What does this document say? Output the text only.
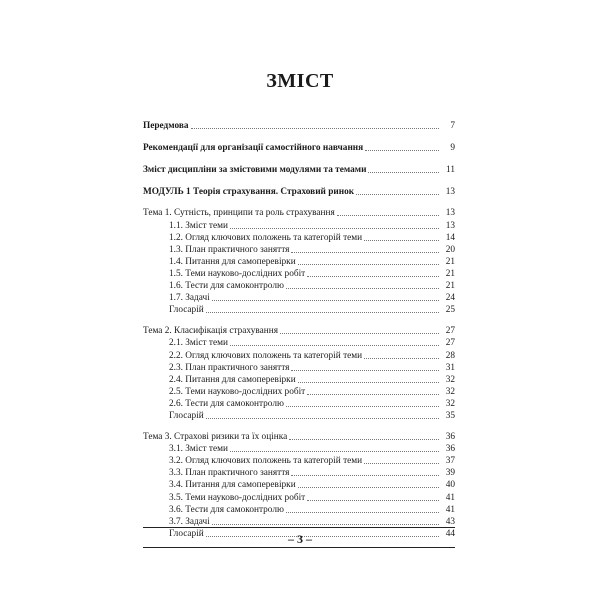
ЗМІСТ
Передмова	7
Рекомендації для організації самостійного навчання	9
Зміст дисципліни за змістовими модулями та темами	11
МОДУЛЬ 1 Теорія страхування. Страховий ринок	13
Тема 1. Сутність, принципи та роль страхування	13
1.1. Зміст теми	13
1.2. Огляд ключових положень та категорій теми	14
1.3. План практичного заняття	20
1.4. Питання для самоперевірки	21
1.5. Теми науково-дослідних робіт	21
1.6. Тести для самоконтролю	21
1.7. Задачі	24
Глосарій	25
Тема 2. Класифікація страхування	27
2.1. Зміст теми	27
2.2. Огляд ключових положень та категорій теми	28
2.3. План практичного заняття	31
2.4. Питання для самоперевірки	32
2.5. Теми науково-дослідних робіт	32
2.6. Тести для самоконтролю	32
Глосарій	35
Тема 3. Страхові ризики та їх оцінка	36
3.1. Зміст теми	36
3.2. Огляд ключових положень та категорій теми	37
3.3. План практичного заняття	39
3.4. Питання для самоперевірки	40
3.5. Теми науково-дослідних робіт	41
3.6. Тести для самоконтролю	41
3.7. Задачі	43
Глосарій	44
– 3 –
